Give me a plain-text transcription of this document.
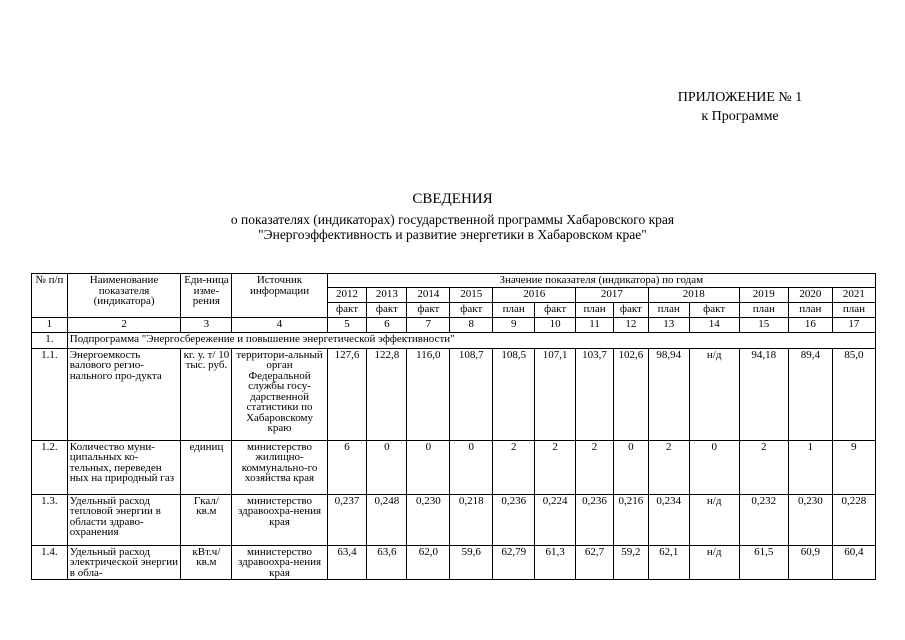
ПРИЛОЖЕНИЕ № 1
к Программе
СВЕДЕНИЯ
о показателях (индикаторах) государственной программы Хабаровского края
"Энергоэффективность и развитие энергетики в Хабаровском крае"
№ п/п	Наименование показателя (индикатора)	Еди-ница изме-рения	Источник информации	Значение показателя (индикатора) по годам												
				2012	2013	2014	2015	2016		2017		2018		2019	2020	2021
				факт	факт	факт	факт	план	факт	план	факт	план	факт	план	план	план
1	2	3	4	5	6	7	8	9	10	11	12	13	14	15	16	17
1.	Подпрограмма "Энергосбережение и повышение энергетической эффективности"															
1.1.	Энергоемкость валового регио-нального про-дукта	кг. у. т/ 10 тыс. руб.	территори-альный орган Федеральной службы госу-дарственной статистики по Хабаровскому краю	127,6	122,8	116,0	108,7	108,5	107,1	103,7	102,6	98,94	н/д	94,18	89,4	85,0
1.2.	Количество муни-ципальных ко-тельных, переведен ных на природный газ	единиц	министерство жилищно-коммунально-го хозяйства края	6	0	0	0	2	2	2	0	2	0	2	1	9
1.3.	Удельный расход тепловой энергии в области здраво-охранения	Гкал/ кв.м	министерство здравоохра-нения края	0,237	0,248	0,230	0,218	0,236	0,224	0,236	0,216	0,234	н/д	0,232	0,230	0,228
1.4.	Удельный расход электрической энергии в обла-	кВт.ч/ кв.м	министерство здравоохра-нения края	63,4	63,6	62,0	59,6	62,79	61,3	62,7	59,2	62,1	н/д	61,5	60,9	60,4
